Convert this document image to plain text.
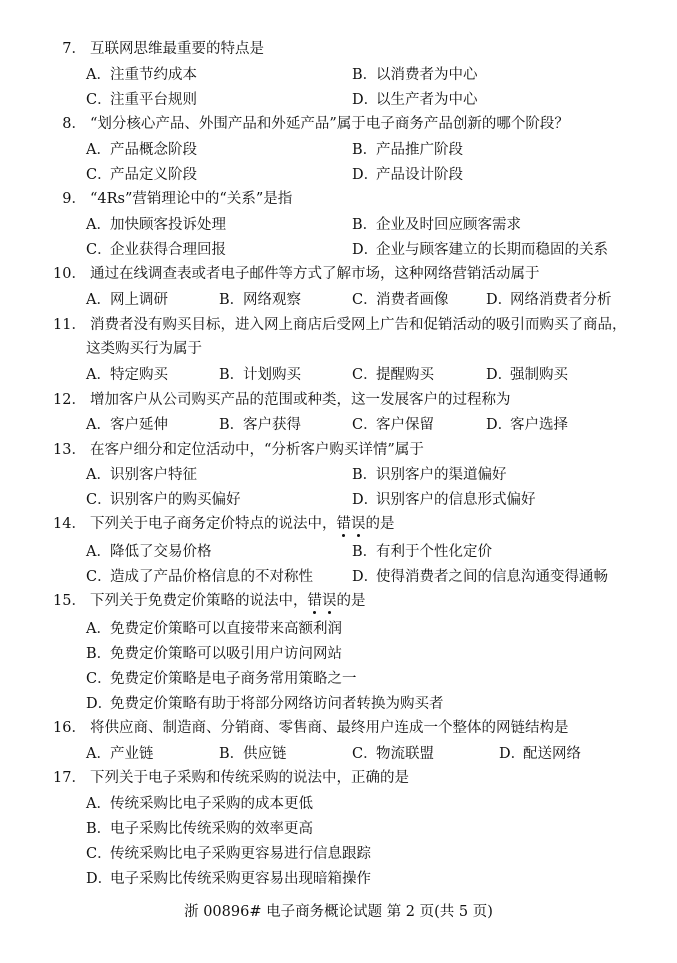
7． 互联网思维最重要的特点是
A．注重节约成本	B．以消费者为中心
C．注重平台规则	D．以生产者为中心
8． “划分核心产品、外围产品和外延产品”属于电子商务产品创新的哪个阶段？
A．产品概念阶段	B．产品推广阶段
C．产品定义阶段	D．产品设计阶段
9． “4Rs”营销理论中的“关系”是指
A．加快顾客投诉处理	B．企业及时回应顾客需求
C．企业获得合理回报	D．企业与顾客建立的长期而稳固的关系
10． 通过在线调查表或者电子邮件等方式了解市场，这种网络营销活动属于
A．网上调研	B．网络观察	C．消费者画像	D．网络消费者分析
11． 消费者没有购买目标，进入网上商店后受网上广告和促销活动的吸引而购买了商品，
这类购买行为属于
A．特定购买	B．计划购买	C．提醒购买	D．强制购买
12． 增加客户从公司购买产品的范围或种类，这一发展客户的过程称为
A．客户延伸	B．客户获得	C．客户保留	D．客户选择
13． 在客户细分和定位活动中，“分析客户购买详情”属于
A．识别客户特征	B．识别客户的渠道偏好
C．识别客户的购买偏好	D．识别客户的信息形式偏好
14． 下列关于电子商务定价特点的说法中，错误的是
A．降低了交易价格	B．有利于个性化定价
C．造成了产品价格信息的不对称性	D．使得消费者之间的信息沟通变得通畅
15． 下列关于免费定价策略的说法中，错误的是
A．免费定价策略可以直接带来高额利润
B．免费定价策略可以吸引用户访问网站
C．免费定价策略是电子商务常用策略之一
D．免费定价策略有助于将部分网络访问者转换为购买者
16． 将供应商、制造商、分销商、零售商、最终用户连成一个整体的网链结构是
A．产业链	B．供应链	C．物流联盟	D．配送网络
17． 下列关于电子采购和传统采购的说法中，正确的是
A．传统采购比电子采购的成本更低
B．电子采购比传统采购的效率更高
C．传统采购比电子采购更容易进行信息跟踪
D．电子采购比传统采购更容易出现暗箱操作
浙 00896# 电子商务概论试题 第 2 页(共 5 页)
